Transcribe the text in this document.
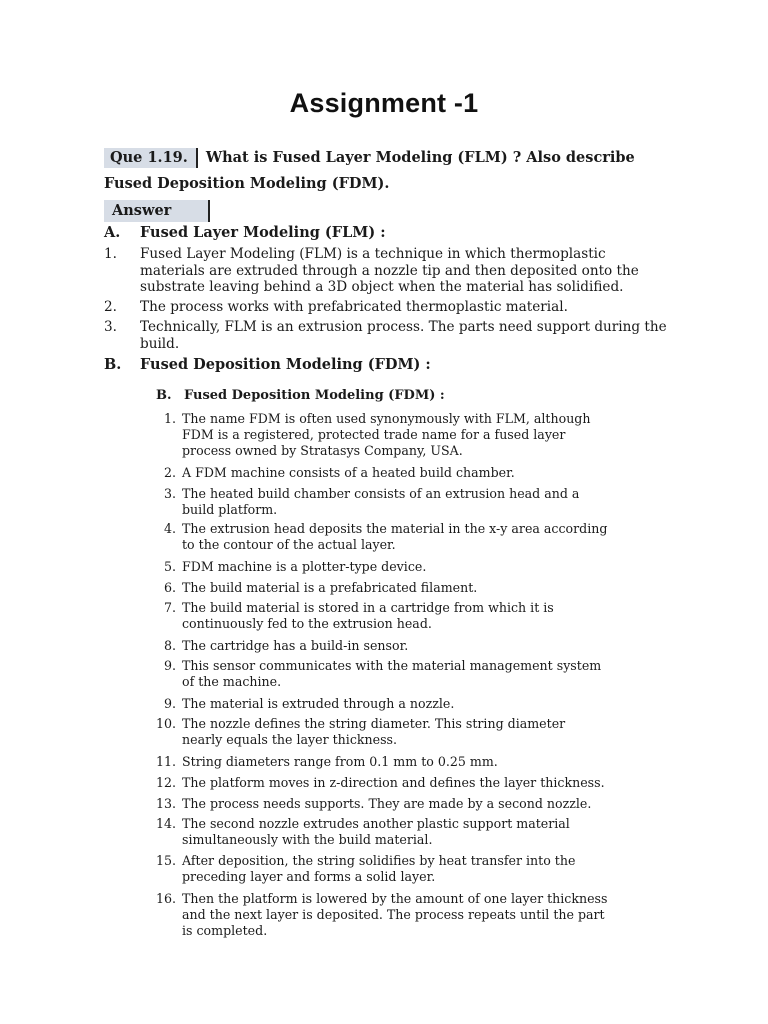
Assignment -1
Que 1.19. What is Fused Layer Modeling (FLM) ? Also describe
Fused Deposition Modeling (FDM).
Answer
A. Fused Layer Modeling (FLM) :
1. Fused Layer Modeling (FLM) is a technique in which thermoplastic materials are extruded through a nozzle tip and then deposited onto the substrate leaving behind a 3D object when the material has solidified.
2. The process works with prefabricated thermoplastic material.
3. Technically, FLM is an extrusion process. The parts need support during the build.
B. Fused Deposition Modeling (FDM) :
B. Fused Deposition Modeling (FDM) :
1. The name FDM is often used synonymously with FLM, although FDM is a registered, protected trade name for a fused layer process owned by Stratasys Company, USA.
2. A FDM machine consists of a heated build chamber.
3. The heated build chamber consists of an extrusion head and a build platform.
4. The extrusion head deposits the material in the x-y area according to the contour of the actual layer.
5. FDM machine is a plotter-type device.
6. The build material is a prefabricated filament.
7. The build material is stored in a cartridge from which it is continuously fed to the extrusion head.
8. The cartridge has a build-in sensor.
9. This sensor communicates with the material management system of the machine.
9. The material is extruded through a nozzle.
10. The nozzle defines the string diameter. This string diameter nearly equals the layer thickness.
11. String diameters range from 0.1 mm to 0.25 mm.
12. The platform moves in z-direction and defines the layer thickness.
13. The process needs supports. They are made by a second nozzle.
14. The second nozzle extrudes another plastic support material simultaneously with the build material.
15. After deposition, the string solidifies by heat transfer into the preceding layer and forms a solid layer.
16. Then the platform is lowered by the amount of one layer thickness and the next layer is deposited. The process repeats until the part is completed.
